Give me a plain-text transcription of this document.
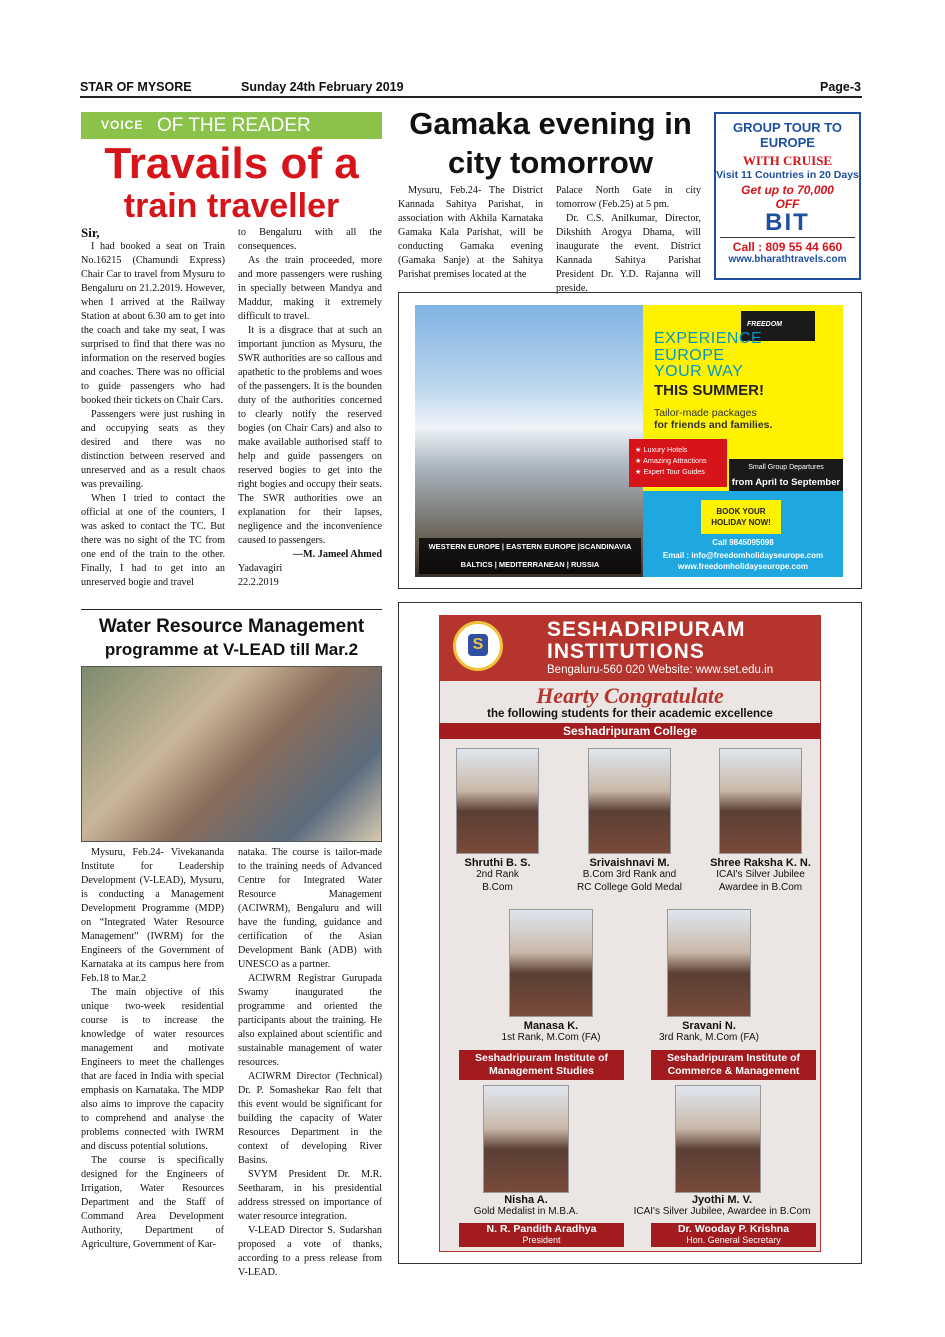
STAR OF MYSORE	Sunday 24th February 2019	Page-3
VOICE OF THE READER
Travails of a
train traveller

Sir,

I had booked a seat on Train No.16215 (Chamundi Express) Chair Car to travel from Mysuru to Bengaluru on 21.2.2019. However, when I arrived at the Railway Station at about 6.30 am to get into the coach and take my seat, I was surprised to find that there was no information on the reserved bogies and coaches. There was no official to guide passengers who had booked their tickets on Chair Cars.

Passengers were just rushing in and occupying seats as they desired and there was no distinction between reserved and unreserved and as a result chaos was prevailing.

When I tried to contact the official at one of the counters, I was asked to contact the TC. But there was no sight of the TC from one end of the train to the other. Finally, I had to get into an unreserved bogie and travel

to Bengaluru with all the consequences.

As the train proceeded, more and more passengers were rushing in specially between Mandya and Maddur, making it extremely difficult to travel.

It is a disgrace that at such an important junction as Mysuru, the SWR authorities are so callous and apathetic to the problems and woes of the passengers. It is the bounden duty of the authorities concerned to clearly notify the reserved bogies (on Chair Cars) and also to make available authorised staff to help and guide passengers on reserved bogies to get into the right bogies and occupy their seats. The SWR authorities owe an explanation for their lapses, negligence and the inconvenience caused to passengers.

—M. Jameel Ahmed

Yadavagiri

22.2.2019

Gamaka evening in
city tomorrow

Mysuru, Feb.24- The District Kannada Sahitya Parishat, in association with Akhila Karnataka Gamaka Kala Parishat, will be conducting Gamaka evening (Gamaka Sanje) at the Sahitya Parishat premises located at the

Palace North Gate in city tomorrow (Feb.25) at 5 pm.

Dr. C.S. Anilkumar, Director, Dikshith Arogya Dhama, will inaugurate the event. District Kannada Sahitya Parishat President Dr. Y.D. Rajanna will preside.

GROUP TOUR TO
EUROPE
WITH CRUISE
Visit 11 Countries in 20 Days
Get up to 70,000
OFF
BIT
Call : 809 55 44 660
www.bharathtravels.com
WESTERN EUROPE | EASTERN EUROPE |SCANDINAVIA
BALTICS | MEDITERRANEAN | RUSSIA
FREEDOM
EXPERIENCE
EUROPE
YOUR WAY
THIS SUMMER!
Tailor-made packages
for friends and families.
★ Luxury Hotels
★ Amazing Attractions
★ Expert Tour Guides	Small Group Departures
from April to September
BOOK YOUR
HOLIDAY NOW!
Call 9845095098
Email : info@freedomholidayseurope.com
www.freedomholidayseurope.com
Water Resource Management
programme at V-LEAD till Mar.2

Mysuru, Feb.24- Vivekananda Institute for Leadership Development (V-LEAD), Mysuru, is conducting a Management Development Programme (MDP) on “Integrated Water Resource Management” (IWRM) for the Engineers of the Government of Karnataka at its campus here from Feb.18 to Mar.2

The main objective of this unique two-week residential course is to increase the knowledge of water resources management and motivate Engineers to meet the challenges that are faced in India with special emphasis on Karnataka. The MDP also aims to improve the capacity to comprehend and analyse the problems connected with IWRM and discuss potential solutions.

The course is specifically designed for the Engineers of Irrigation, Water Resources Department and the Staff of Command Area Development Authority, Department of Agriculture, Government of Kar-

nataka. The course is tailor-made to the training needs of Advanced Centre for Integrated Water Resource Management (ACIWRM), Bengaluru and will have the funding, guidance and certification of the Asian Development Bank (ADB) with UNESCO as a partner.

ACIWRM Registrar Gurupada Swamy inaugurated the programme and oriented the participants about the training. He also explained about scientific and sustainable management of water resources.

ACIWRM Director (Technical) Dr. P. Somashekar Rao felt that this event would be significant for building the capacity of Water Resources Department in the context of developing River Basins.

SVYM President Dr. M.R. Seetharam, in his presidential address stressed on importance of water resource integration.

V-LEAD Director S. Sudarshan proposed a vote of thanks, according to a press release from V-LEAD.

S
SESHADRIPURAM
INSTITUTIONS
Bengaluru-560 020 Website: www.set.edu.in
Hearty Congratulate
the following students for their academic excellence
Seshadripuram College
Shruthi B. S.
2nd Rank
B.Com
Srivaishnavi M.
B.Com 3rd Rank and
RC College Gold Medal
Shree Raksha K. N.
ICAI's Silver Jubilee
Awardee in B.Com
Manasa K.
1st Rank, M.Com (FA)
Sravani N.
3rd Rank, M.Com (FA)
Seshadripuram Institute of
Management Studies
Seshadripuram Institute of
Commerce & Management
Nisha A.
Gold Medalist in M.B.A.
Jyothi M. V.
ICAI's Silver Jubilee, Awardee in B.Com
N. R. Pandith Aradhya
President
Dr. Wooday P. Krishna
Hon. General Secretary
